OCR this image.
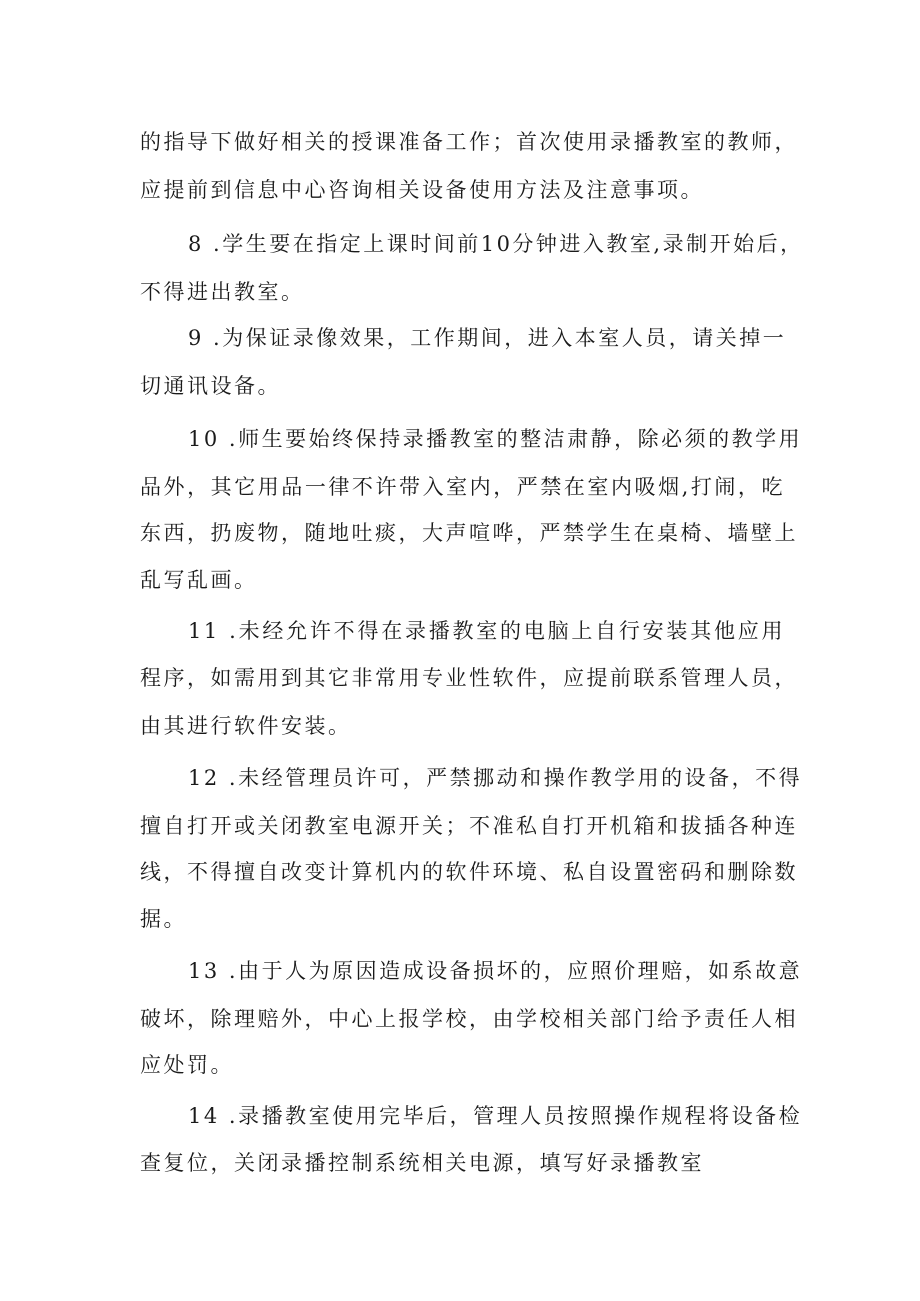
的指导下做好相关的授课准备工作；首次使用录播教室的教师，

应提前到信息中心咨询相关设备使用方法及注意事项。

8 .学生要在指定上课时间前10分钟进入教室,录制开始后，

不得进出教室。

9 .为保证录像效果，工作期间，进入本室人员，请关掉一

切通讯设备。

10 .师生要始终保持录播教室的整洁肃静，除必须的教学用

品外，其它用品一律不许带入室内，严禁在室内吸烟,打闹，吃

东西，扔废物，随地吐痰，大声喧哗，严禁学生在桌椅、墙壁上

乱写乱画。

11 .未经允许不得在录播教室的电脑上自行安装其他应用

程序，如需用到其它非常用专业性软件，应提前联系管理人员，

由其进行软件安装。

12 .未经管理员许可，严禁挪动和操作教学用的设备，不得

擅自打开或关闭教室电源开关；不准私自打开机箱和拔插各种连

线，不得擅自改变计算机内的软件环境、私自设置密码和删除数

据。

13 .由于人为原因造成设备损坏的，应照价理赔，如系故意

破坏，除理赔外，中心上报学校，由学校相关部门给予责任人相

应处罚。

14 .录播教室使用完毕后，管理人员按照操作规程将设备检

查复位，关闭录播控制系统相关电源，填写好录播教室
